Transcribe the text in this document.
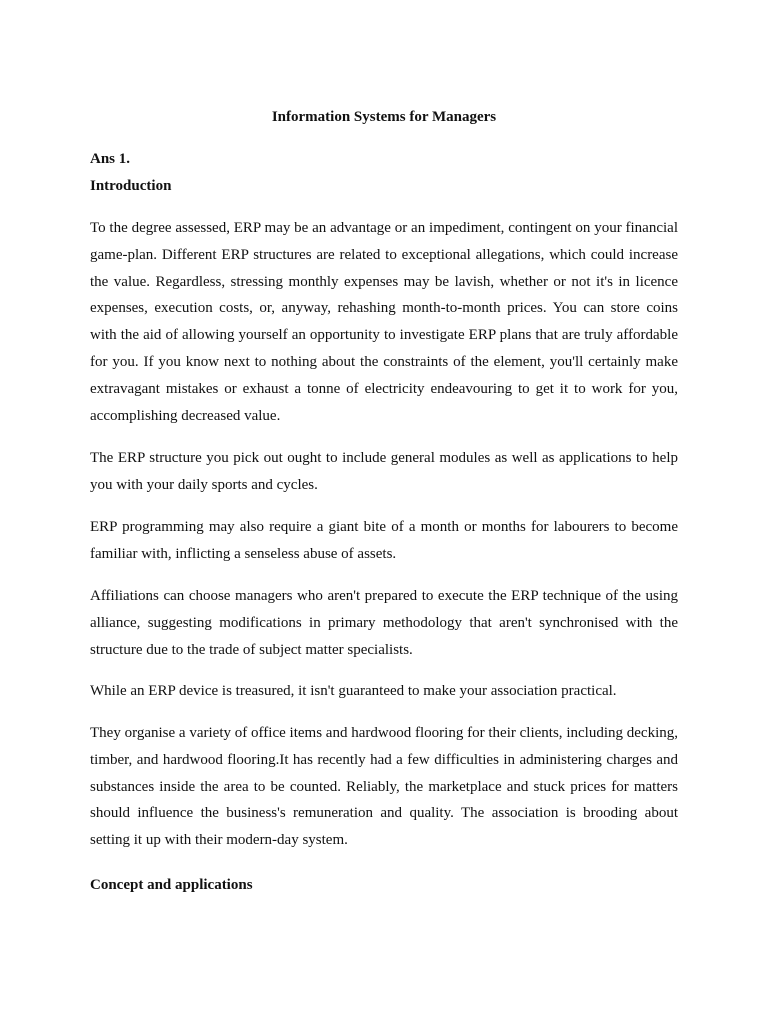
Information Systems for Managers
Ans 1.
Introduction

To the degree assessed, ERP may be an advantage or an impediment, contingent on your financial game-plan. Different ERP structures are related to exceptional allegations, which could increase the value. Regardless, stressing monthly expenses may be lavish, whether or not it's in licence expenses, execution costs, or, anyway, rehashing month-to-month prices. You can store coins with the aid of allowing yourself an opportunity to investigate ERP plans that are truly affordable for you. If you know next to nothing about the constraints of the element, you'll certainly make extravagant mistakes or exhaust a tonne of electricity endeavouring to get it to work for you, accomplishing decreased value.

The ERP structure you pick out ought to include general modules as well as applications to help you with your daily sports and cycles.

ERP programming may also require a giant bite of a month or months for labourers to become familiar with, inflicting a senseless abuse of assets.

Affiliations can choose managers who aren't prepared to execute the ERP technique of the using alliance, suggesting modifications in primary methodology that aren't synchronised with the structure due to the trade of subject matter specialists.

While an ERP device is treasured, it isn't guaranteed to make your association practical.

They organise a variety of office items and hardwood flooring for their clients, including decking, timber, and hardwood flooring.It has recently had a few difficulties in administering charges and substances inside the area to be counted. Reliably, the marketplace and stuck prices for matters should influence the business's remuneration and quality. The association is brooding about setting it up with their modern-day system.

Concept and applications
